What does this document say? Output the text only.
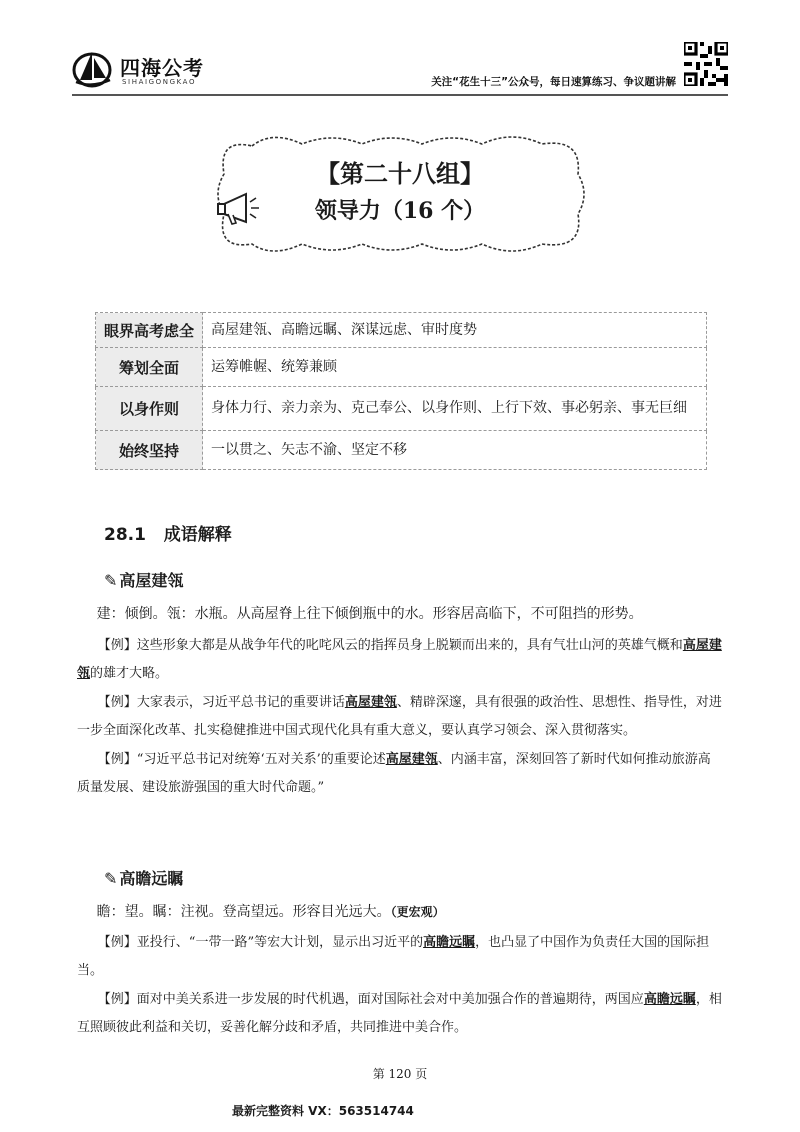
四海公考
SIHAIGONGKAO	关注“花生十三”公众号，每日速算练习、争议题讲解
【第二十八组】
领导力（16 个）
眼界高考虑全	高屋建瓴、高瞻远瞩、深谋远虑、审时度势
筹划全面	运筹帷幄、统筹兼顾
以身作则	身体力行、亲力亲为、克己奉公、以身作则、上行下效、事必躬亲、事无巨细
始终坚持	一以贯之、矢志不渝、坚定不移
28.1   成语解释
✎ 高屋建瓴

建：倾倒。瓴：水瓶。从高屋脊上往下倾倒瓶中的水。形容居高临下，不可阻挡的形势。

【例】这些形象大都是从战争年代的叱咤风云的指挥员身上脱颖而出来的，具有气壮山河的英雄气概和高屋建瓴的雄才大略。

【例】大家表示，习近平总书记的重要讲话高屋建瓴、精辟深邃，具有很强的政治性、思想性、指导性，对进一步全面深化改革、扎实稳健推进中国式现代化具有重大意义，要认真学习领会、深入贯彻落实。

【例】“习近平总书记对统筹‘五对关系’的重要论述高屋建瓴、内涵丰富，深刻回答了新时代如何推动旅游高质量发展、建设旅游强国的重大时代命题。”

✎ 高瞻远瞩

瞻：望。瞩：注视。登高望远。形容目光远大。（更宏观）

【例】亚投行、“一带一路”等宏大计划，显示出习近平的高瞻远瞩，也凸显了中国作为负责任大国的国际担当。

【例】面对中美关系进一步发展的时代机遇，面对国际社会对中美加强合作的普遍期待，两国应高瞻远瞩，相互照顾彼此利益和关切，妥善化解分歧和矛盾，共同推进中美合作。

第 120 页
最新完整资料 VX：563514744
